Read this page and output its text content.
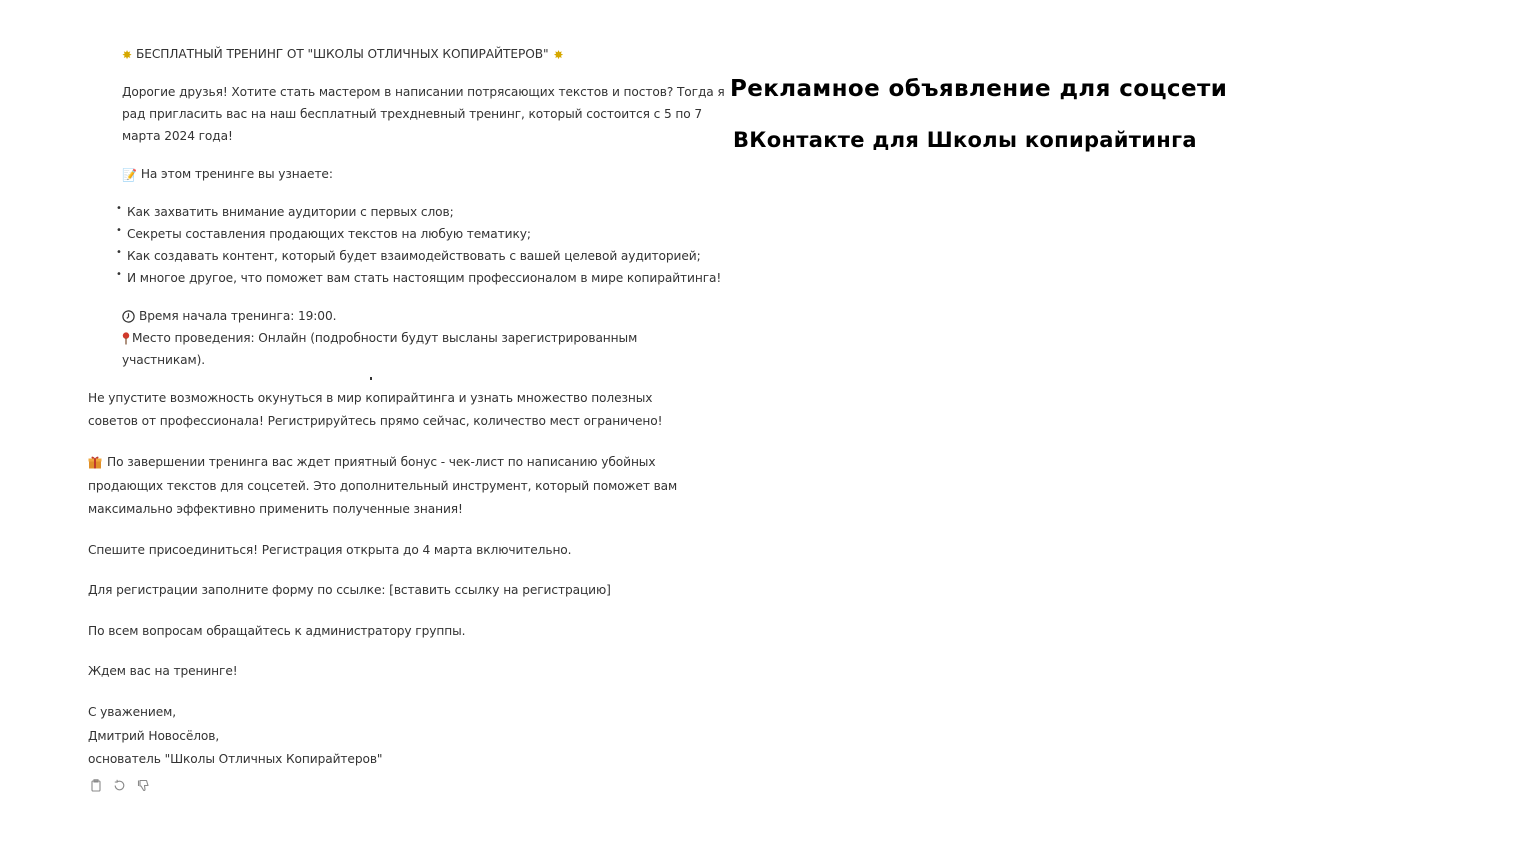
✸ БЕСПЛАТНЫЙ ТРЕНИНГ ОТ "ШКОЛЫ ОТЛИЧНЫХ КОПИРАЙТЕРОВ" ✸
Дорогие друзья! Хотите стать мастером в написании потрясающих текстов и постов? Тогда я
рад пригласить вас на наш бесплатный трехдневный тренинг, который состоится с 5 по 7
марта 2024 года!
📝 На этом тренинге вы узнаете:
• Как захватить внимание аудитории с первых слов;
• Секреты составления продающих текстов на любую тематику;
• Как создавать контент, который будет взаимодействовать с вашей целевой аудиторией;
• И многое другое, что поможет вам стать настоящим профессионалом в мире копирайтинга!
Время начала тренинга: 19:00.
Место проведения: Онлайн (подробности будут высланы зарегистрированным
участникам).
Не упустите возможность окунуться в мир копирайтинга и узнать множество полезных
советов от профессионала! Регистрируйтесь прямо сейчас, количество мест ограничено!
По завершении тренинга вас ждет приятный бонус - чек-лист по написанию убойных
продающих текстов для соцсетей. Это дополнительный инструмент, который поможет вам
максимально эффективно применить полученные знания!
Спешите присоединиться! Регистрация открыта до 4 марта включительно.
Для регистрации заполните форму по ссылке: [вставить ссылку на регистрацию]
По всем вопросам обращайтесь к администратору группы.
Ждем вас на тренинге!
С уважением,
Дмитрий Новосёлов,
основатель "Школы Отличных Копирайтеров"
Рекламное объявление для соцсети
ВКонтакте для Школы копирайтинга
